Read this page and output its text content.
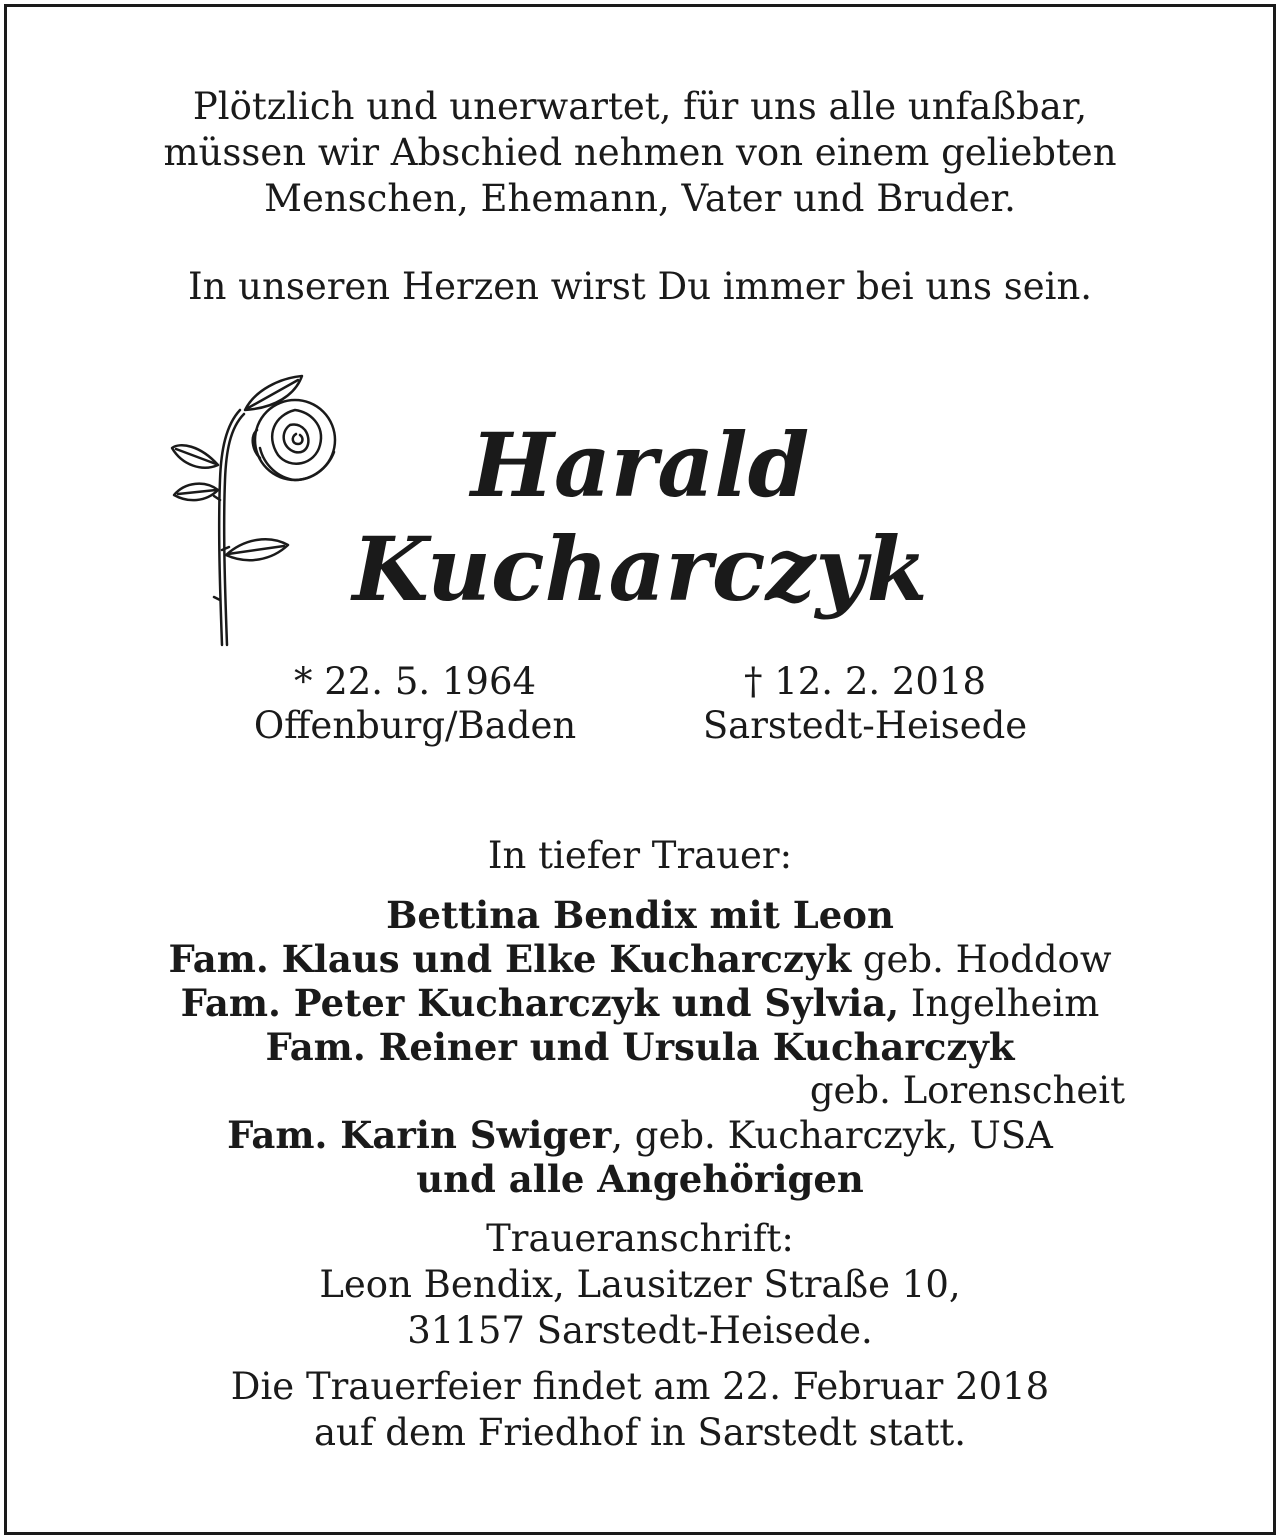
Plötzlich und unerwartet, für uns alle unfaßbar,

müssen wir Abschied nehmen von einem geliebten

Menschen, Ehemann, Vater und Bruder.

In unseren Herzen wirst Du immer bei uns sein.

Harald

Kucharczyk

* 22. 5. 1964
Offenburg/Baden
† 12. 2. 2018
Sarstedt-Heisede

In tiefer Trauer:

Bettina Bendix mit Leon

Fam. Klaus und Elke Kucharczyk geb. Hoddow

Fam. Peter Kucharczyk und Sylvia, Ingelheim

Fam. Reiner und Ursula Kucharczyk

geb. Lorenscheit

Fam. Karin Swiger, geb. Kucharczyk, USA

und alle Angehörigen

Traueranschrift:

Leon Bendix, Lausitzer Straße 10,

31157 Sarstedt-Heisede.

Die Trauerfeier findet am 22. Februar 2018

auf dem Friedhof in Sarstedt statt.
